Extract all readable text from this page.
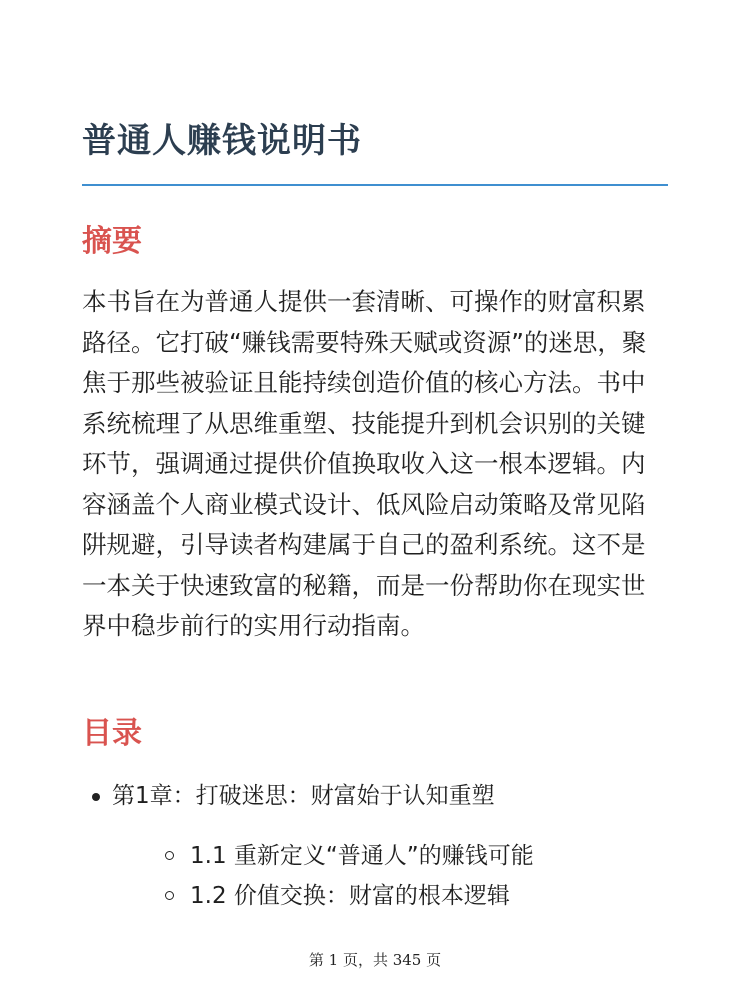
普通人赚钱说明书
摘要

本书旨在为普通人提供一套清晰、可操作的财富积累路径。它打破“赚钱需要特殊天赋或资源”的迷思，聚焦于那些被验证且能持续创造价值的核心方法。书中系统梳理了从思维重塑、技能提升到机会识别的关键环节，强调通过提供价值换取收入这一根本逻辑。内容涵盖个人商业模式设计、低风险启动策略及常见陷阱规避，引导读者构建属于自己的盈利系统。这不是一本关于快速致富的秘籍，而是一份帮助你在现实世界中稳步前行的实用行动指南。

目录
第1章：打破迷思：财富始于认知重塑
1.1 重新定义“普通人”的赚钱可能
1.2 价值交换：财富的根本逻辑
第 1 页，共 345 页
